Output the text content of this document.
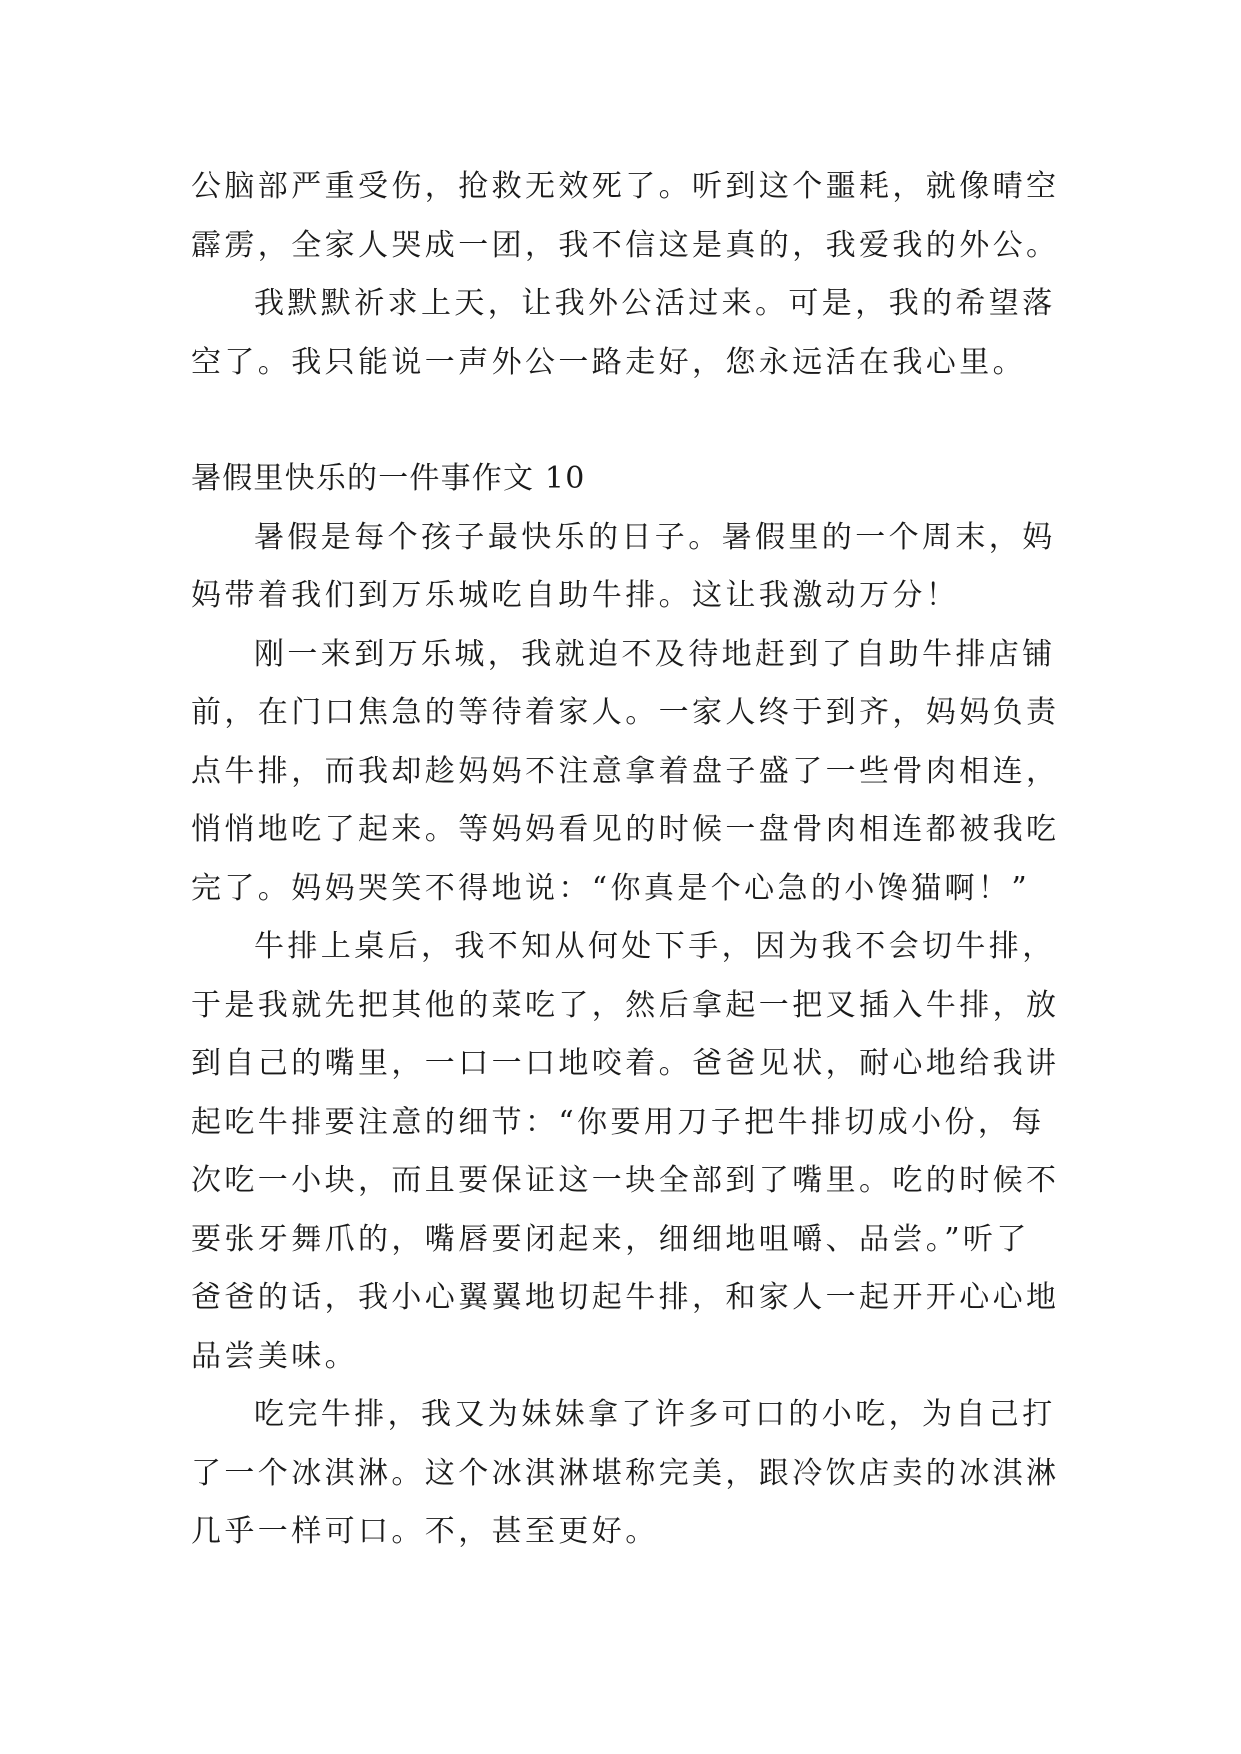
公脑部严重受伤，抢救无效死了。听到这个噩耗，就像晴空
霹雳，全家人哭成一团，我不信这是真的，我爱我的外公。
我默默祈求上天，让我外公活过来。可是，我的希望落
空了。我只能说一声外公一路走好，您永远活在我心里。
暑假里快乐的一件事作文 10
暑假是每个孩子最快乐的日子。暑假里的一个周末，妈
妈带着我们到万乐城吃自助牛排。这让我激动万分！
刚一来到万乐城，我就迫不及待地赶到了自助牛排店铺
前，在门口焦急的等待着家人。一家人终于到齐，妈妈负责
点牛排，而我却趁妈妈不注意拿着盘子盛了一些骨肉相连，
悄悄地吃了起来。等妈妈看见的时候一盘骨肉相连都被我吃
完了。妈妈哭笑不得地说：“你真是个心急的小馋猫啊！”
牛排上桌后，我不知从何处下手，因为我不会切牛排，
于是我就先把其他的菜吃了，然后拿起一把叉插入牛排，放
到自己的嘴里，一口一口地咬着。爸爸见状，耐心地给我讲
起吃牛排要注意的细节：“你要用刀子把牛排切成小份，每
次吃一小块，而且要保证这一块全部到了嘴里。吃的时候不
要张牙舞爪的，嘴唇要闭起来，细细地咀嚼、品尝。”听了
爸爸的话，我小心翼翼地切起牛排，和家人一起开开心心地
品尝美味。
吃完牛排，我又为妹妹拿了许多可口的小吃，为自己打
了一个冰淇淋。这个冰淇淋堪称完美，跟冷饮店卖的冰淇淋
几乎一样可口。不，甚至更好。
